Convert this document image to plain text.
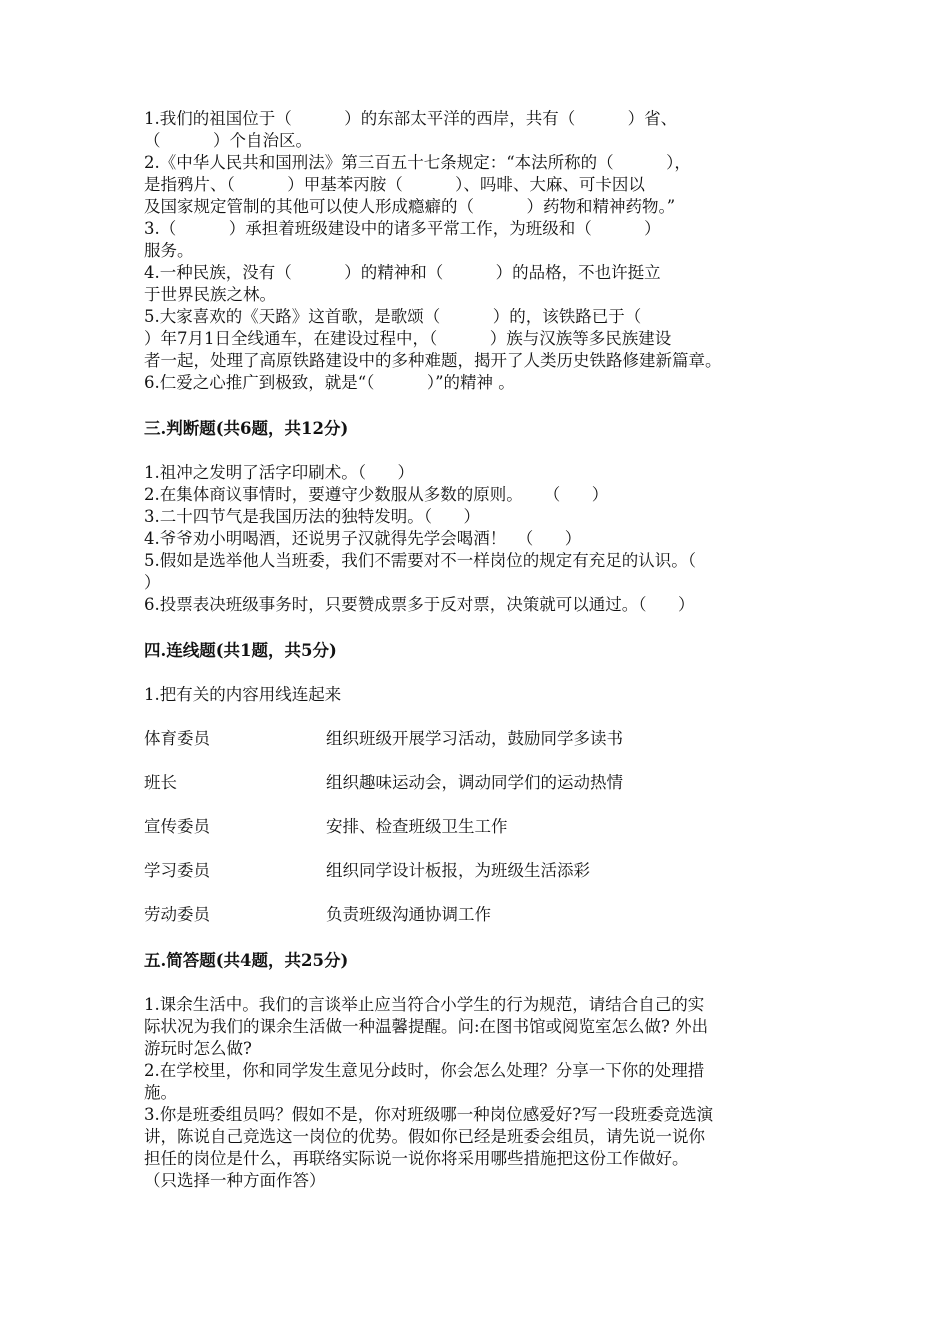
1.我们的祖国位于（          ）的东部太平洋的西岸，共有（          ）省、

（          ）个自治区。

2.《中华人民共和国刑法》第三百五十七条规定：“本法所称的（          ），

是指鸦片、（          ）甲基苯丙胺（          ）、吗啡、大麻、可卡因以

及国家规定管制的其他可以使人形成瘾癖的（          ）药物和精神药物。”

3.（          ）承担着班级建设中的诸多平常工作，为班级和（          ）

服务。

4.一种民族，没有（          ）的精神和（          ）的品格，不也许挺立

于世界民族之林。

5.大家喜欢的《天路》这首歌，是歌颂（          ）的，该铁路已于（

）年7月1日全线通车，在建设过程中，（          ）族与汉族等多民族建设

者一起，处理了高原铁路建设中的多种难题，揭开了人类历史铁路修建新篇章。

6.仁爱之心推广到极致，就是“（          ）”的精神 。

三.判断题(共6题，共12分)

1.祖冲之发明了活字印刷术。（      ）

2.在集体商议事情时，要遵守少数服从多数的原则。    （      ）

3.二十四节气是我国历法的独特发明。（      ）

4.爷爷劝小明喝酒，还说男子汉就得先学会喝酒！  （      ）

5.假如是选举他人当班委，我们不需要对不一样岗位的规定有充足的认识。（

）

6.投票表决班级事务时，只要赞成票多于反对票，决策就可以通过。（      ）

四.连线题(共1题，共5分)

1.把有关的内容用线连起来

体育委员	组织班级开展学习活动，鼓励同学多读书
班长	组织趣味运动会，调动同学们的运动热情
宣传委员	安排、检查班级卫生工作
学习委员	组织同学设计板报，为班级生活添彩
劳动委员	负责班级沟通协调工作
五.简答题(共4题，共25分)

1.课余生活中。我们的言谈举止应当符合小学生的行为规范，请结合自己的实

际状况为我们的课余生活做一种温馨提醒。问:在图书馆或阅览室怎么做? 外出

游玩时怎么做?

2.在学校里，你和同学发生意见分歧时，你会怎么处理？分享一下你的处理措

施。

3.你是班委组员吗？假如不是，你对班级哪一种岗位感爱好?写一段班委竞选演

讲，陈说自己竞选这一岗位的优势。假如你已经是班委会组员，请先说一说你

担任的岗位是什么，再联络实际说一说你将采用哪些措施把这份工作做好。

（只选择一种方面作答）
